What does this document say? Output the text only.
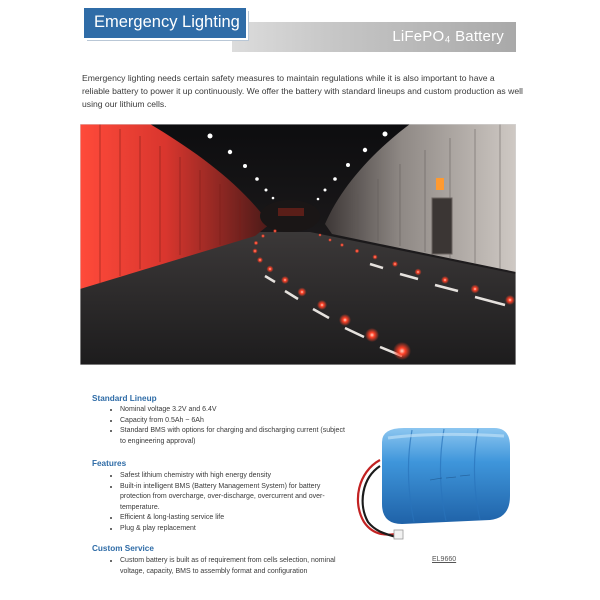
LiFePO₄ Battery
Emergency Lighting

Emergency lighting needs certain safety measures to maintain regulations while it is also important to have a reliable battery to power it up continuously. We offer the battery with standard lineups and custom production as well using our lithium cells.

Standard Lineup

• Nominal voltage 3.2V and 6.4V
• Capacity from 0.5Ah ~ 6Ah
• Standard BMS with options for charging and discharging current (subject to engineering approval)

Features

• Safest lithium chemistry with high energy density
• Built-in intelligent BMS (Battery Management System) for battery protection from overcharge, over-discharge, overcurrent and over-temperature.
• Efficient & long-lasting service life
• Plug & play replacement

Custom Service

• Custom battery is built as of requirement from cells selection, nominal voltage, capacity, BMS to assembly format and configuration
EL9660
